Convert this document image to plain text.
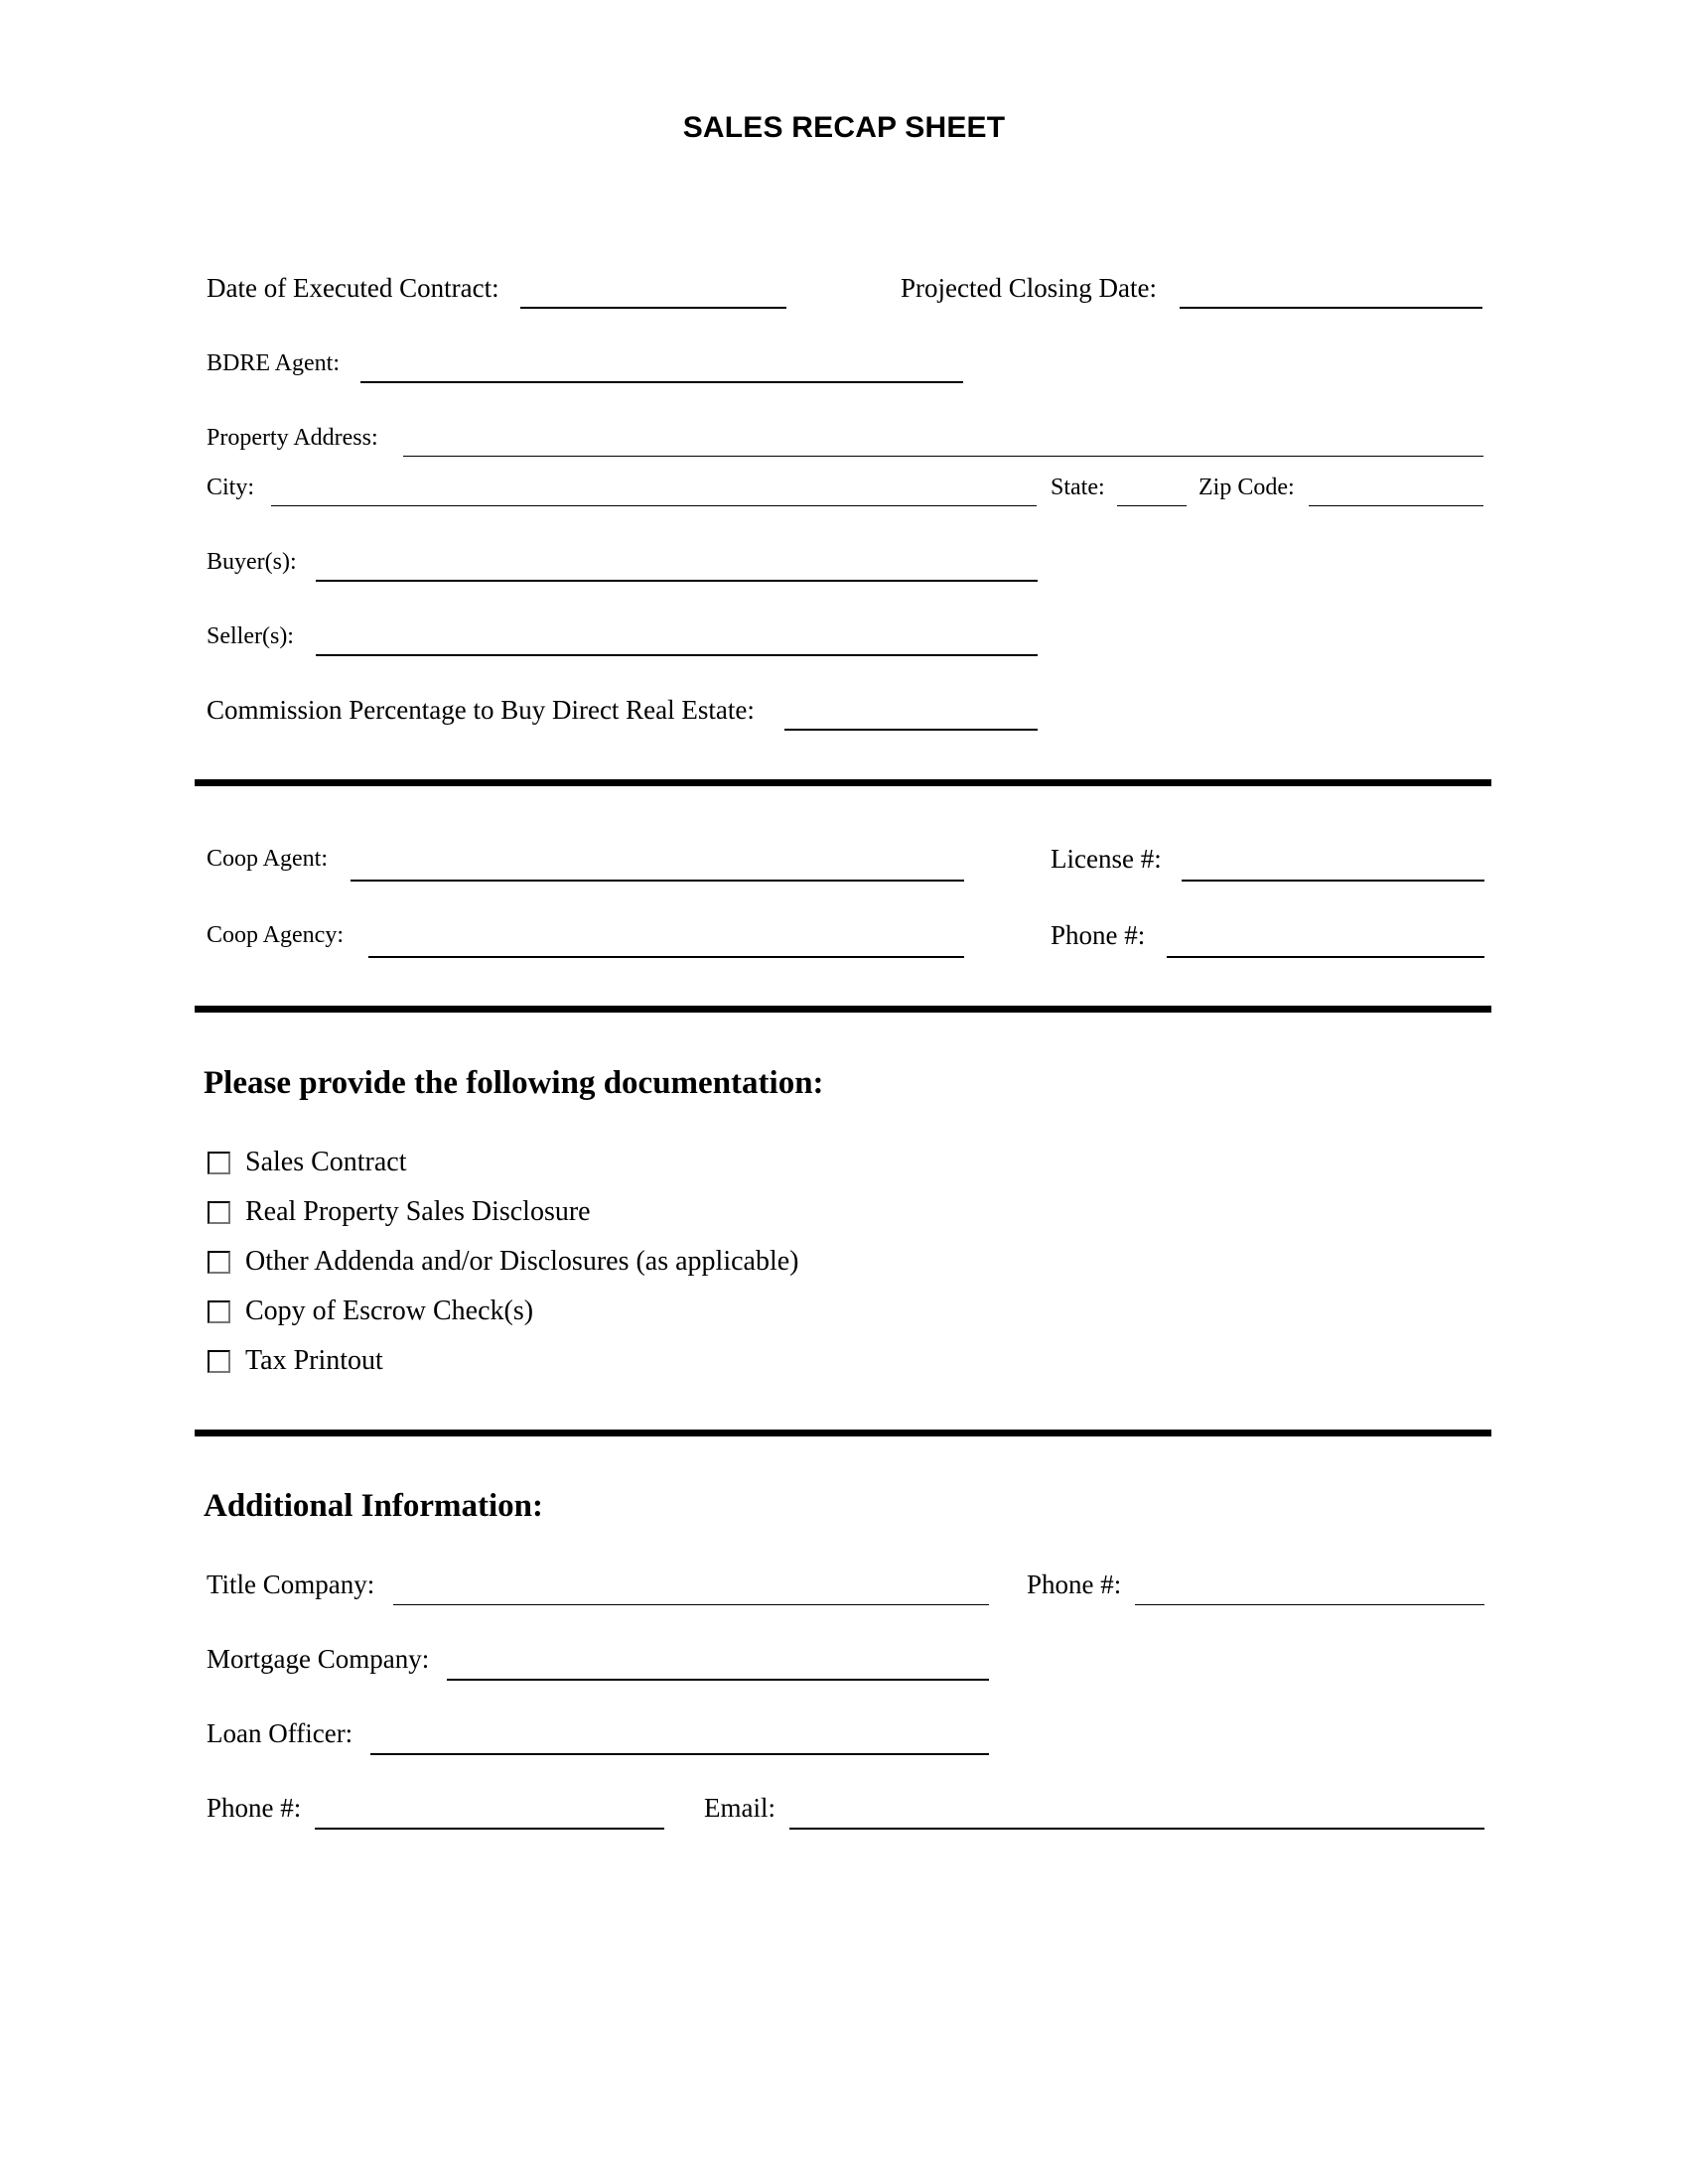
SALES RECAP SHEET
Date of Executed Contract:	Projected Closing Date:
BDRE Agent:
Property Address:
City:	State:	Zip Code:
Buyer(s):
Seller(s):
Commission Percentage to Buy Direct Real Estate:
Coop Agent:	License #:
Coop Agency:	Phone #:
Please provide the following documentation:
Sales Contract
Real Property Sales Disclosure
Other Addenda and/or Disclosures (as applicable)
Copy of Escrow Check(s)
Tax Printout
Additional Information:
Title Company:	Phone #:
Mortgage Company:
Loan Officer:
Phone #:	Email:
